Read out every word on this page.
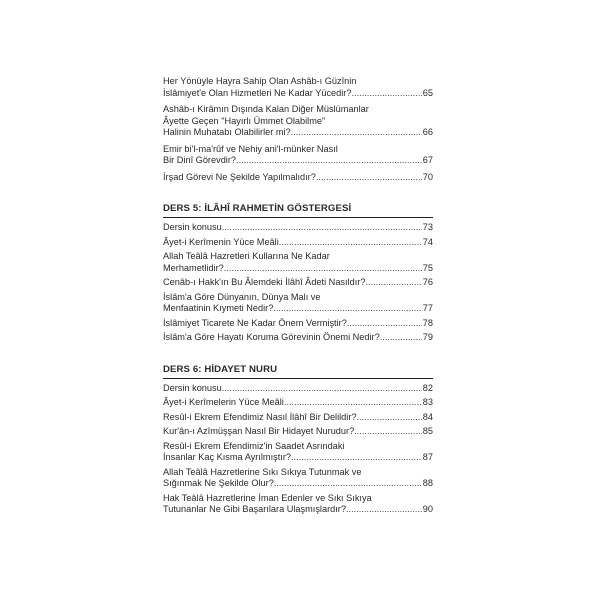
Her Yönüyle Hayra Sahip Olan Ashâb-ı Güzînin
İslâmiyet'e Olan Hizmetleri Ne Kadar Yücedir? .....	65
Ashâb-ı Kirâmın Dışında Kalan Diğer Müslümanlar
Âyette Geçen "Hayırlı Ümmet Olabilme"
Halinin Muhatabı Olabilirler mi? .....	66
Emir bi'l-ma'rûf ve Nehiy ani'l-münker Nasıl
Bir Dinî Görevdir? .....	67
İrşad Görevi Ne Şekilde Yapılmalıdır? .....	70
DERS 5: İLÂHÎ RAHMETİN GÖSTERGESİ
Dersin konusu .....	73
Âyet-i Kerîmenin Yüce Meâli .....	74
Allah Teâlâ Hazretleri Kullarına Ne Kadar
Merhametlidir? .....	75
Cenâb-ı Hakk'ın Bu Âlemdeki İlâhî Âdeti Nasıldır? .....	76
İslâm'a Göre Dünyanın, Dünya Malı ve
Menfaatinin Kıymeti Nedir? .....	77
İslâmiyet Ticarete Ne Kadar Önem Vermiştir? .....	78
İslâm'a Göre Hayatı Koruma Görevinin Önemi Nedir? .....	79
DERS 6: HİDAYET NURU
Dersin konusu .....	82
Âyet-i Kerîmelerin Yüce Meâli .....	83
Resûl-i Ekrem Efendimiz Nasıl İlâhî Bir Delildir? .....	84
Kur'ân-ı Azîmüşşan Nasıl Bir Hidayet Nurudur? .....	85
Resûl-i Ekrem Efendimiz'in Saadet Asrındaki
İnsanlar Kaç Kısma Ayrılmıştır? .....	87
Allah Teâlâ Hazretlerine Sıkı Sıkıya Tutunmak ve
Sığınmak Ne Şekilde Olur? .....	88
Hak Teâlâ Hazretlerine İman Edenler ve Sıkı Sıkıya
Tutunanlar Ne Gibi Başarılara Ulaşmışlardır? .....	90
